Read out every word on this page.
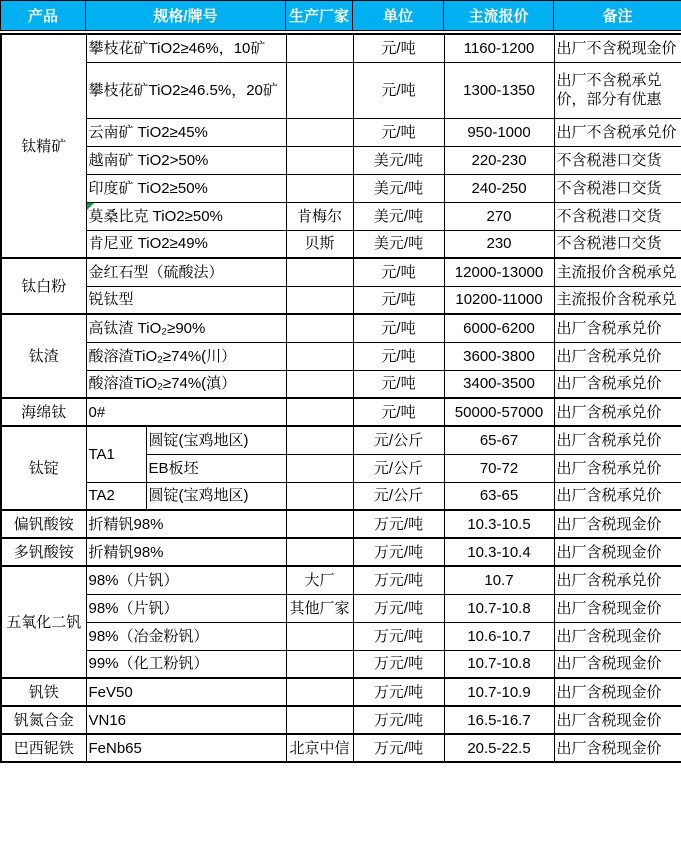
产品	规格/牌号	生产厂家	单位	主流报价	备注
钛精矿	攀枝花矿TiO2≥46%，10矿			元/吨	1160-1200	出厂不含税现金价
	攀枝花矿TiO2≥46.5%，20矿			元/吨	1300-1350	出厂不含税承兑价，部分有优惠
	云南矿 TiO2≥45%			元/吨	950-1000	出厂不含税承兑价
	越南矿 TiO2>50%			美元/吨	220-230	不含税港口交货
	印度矿 TiO2≥50%			美元/吨	240-250	不含税港口交货
	莫桑比克 TiO2≥50%		肯梅尔	美元/吨	270	不含税港口交货
	肯尼亚 TiO2≥49%		贝斯	美元/吨	230	不含税港口交货
钛白粉	金红石型（硫酸法）			元/吨	12000-13000	主流报价含税承兑
	锐钛型			元/吨	10200-11000	主流报价含税承兑
钛渣	高钛渣 TiO₂≥90%			元/吨	6000-6200	出厂含税承兑价
	酸溶渣TiO₂≥74%(川）			元/吨	3600-3800	出厂含税承兑价
	酸溶渣TiO₂≥74%(滇）			元/吨	3400-3500	出厂含税承兑价
海绵钛	0#			元/吨	50000-57000	出厂含税承兑价
钛锭	TA1	圆锭(宝鸡地区)		元/公斤	65-67	出厂含税承兑价
		EB板坯		元/公斤	70-72	出厂含税承兑价
	TA2	圆锭(宝鸡地区)		元/公斤	63-65	出厂含税承兑价
偏钒酸铵	折精钒98%			万元/吨	10.3-10.5	出厂含税现金价
多钒酸铵	折精钒98%			万元/吨	10.3-10.4	出厂含税现金价
五氧化二钒	98%（片钒）		大厂	万元/吨	10.7	出厂含税承兑价
	98%（片钒）		其他厂家	万元/吨	10.7-10.8	出厂含税现金价
	98%（冶金粉钒）			万元/吨	10.6-10.7	出厂含税现金价
	99%（化工粉钒）			万元/吨	10.7-10.8	出厂含税现金价
钒铁	FeV50			万元/吨	10.7-10.9	出厂含税现金价
钒氮合金	VN16			万元/吨	16.5-16.7	出厂含税现金价
巴西铌铁	FeNb65		北京中信	万元/吨	20.5-22.5	出厂含税现金价
